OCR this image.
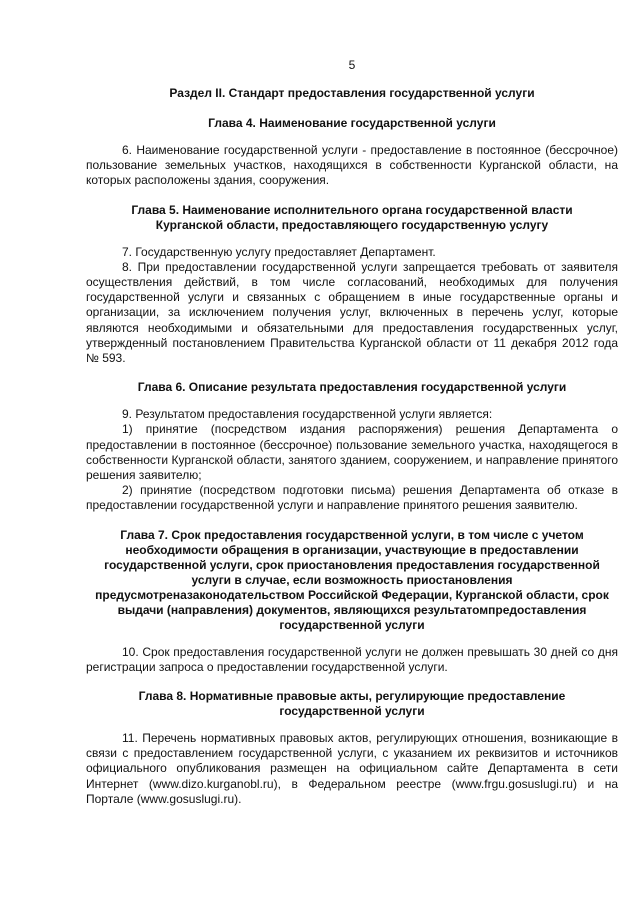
5
Раздел II. Стандарт предоставления государственной услуги
Глава 4. Наименование государственной услуги

6. Наименование государственной услуги - предоставление в постоянное (бессрочное) пользование земельных участков, находящихся в собственности Курганской области, на которых расположены здания, сооружения.

Глава 5. Наименование исполнительного органа государственной власти Курганской области, предоставляющего государственную услугу

7. Государственную услугу предоставляет Департамент.

8. При предоставлении государственной услуги запрещается требовать от заявителя осуществления действий, в том числе согласований, необходимых для получения государственной услуги и связанных с обращением в иные государственные органы и организации, за исключением получения услуг, включенных в перечень услуг, которые являются необходимыми и обязательными для предоставления государственных услуг, утвержденный постановлением Правительства Курганской области от 11 декабря 2012 года № 593.

Глава 6. Описание результата предоставления государственной услуги

9. Результатом предоставления государственной услуги является:

1) принятие (посредством издания распоряжения) решения Департамента о предоставлении в постоянное (бессрочное) пользование земельного участка, находящегося в собственности Курганской области, занятого зданием, сооружением, и направление принятого решения заявителю;

2) принятие (посредством подготовки письма) решения Департамента об отказе в предоставлении государственной услуги и направление принятого решения заявителю.

Глава 7. Срок предоставления государственной услуги, в том числе с учетом необходимости обращения в организации, участвующие в предоставлении государственной услуги, срок приостановления предоставления государственной услуги в случае, если возможность приостановления предусмотреназаконодательством Российской Федерации, Курганской области, срок выдачи (направления) документов, являющихся результатомпредоставления государственной услуги

10. Срок предоставления государственной услуги не должен превышать 30 дней со дня регистрации запроса о предоставлении государственной услуги.

Глава 8. Нормативные правовые акты, регулирующие предоставление государственной услуги

11. Перечень нормативных правовых актов, регулирующих отношения, возникающие в связи с предоставлением государственной услуги, с указанием их реквизитов и источников официального опубликования размещен на официальном сайте Департамента в сети Интернет (www.dizo.kurganobl.ru), в Федеральном реестре (www.frgu.gosuslugi.ru) и на Портале (www.gosuslugi.ru).
